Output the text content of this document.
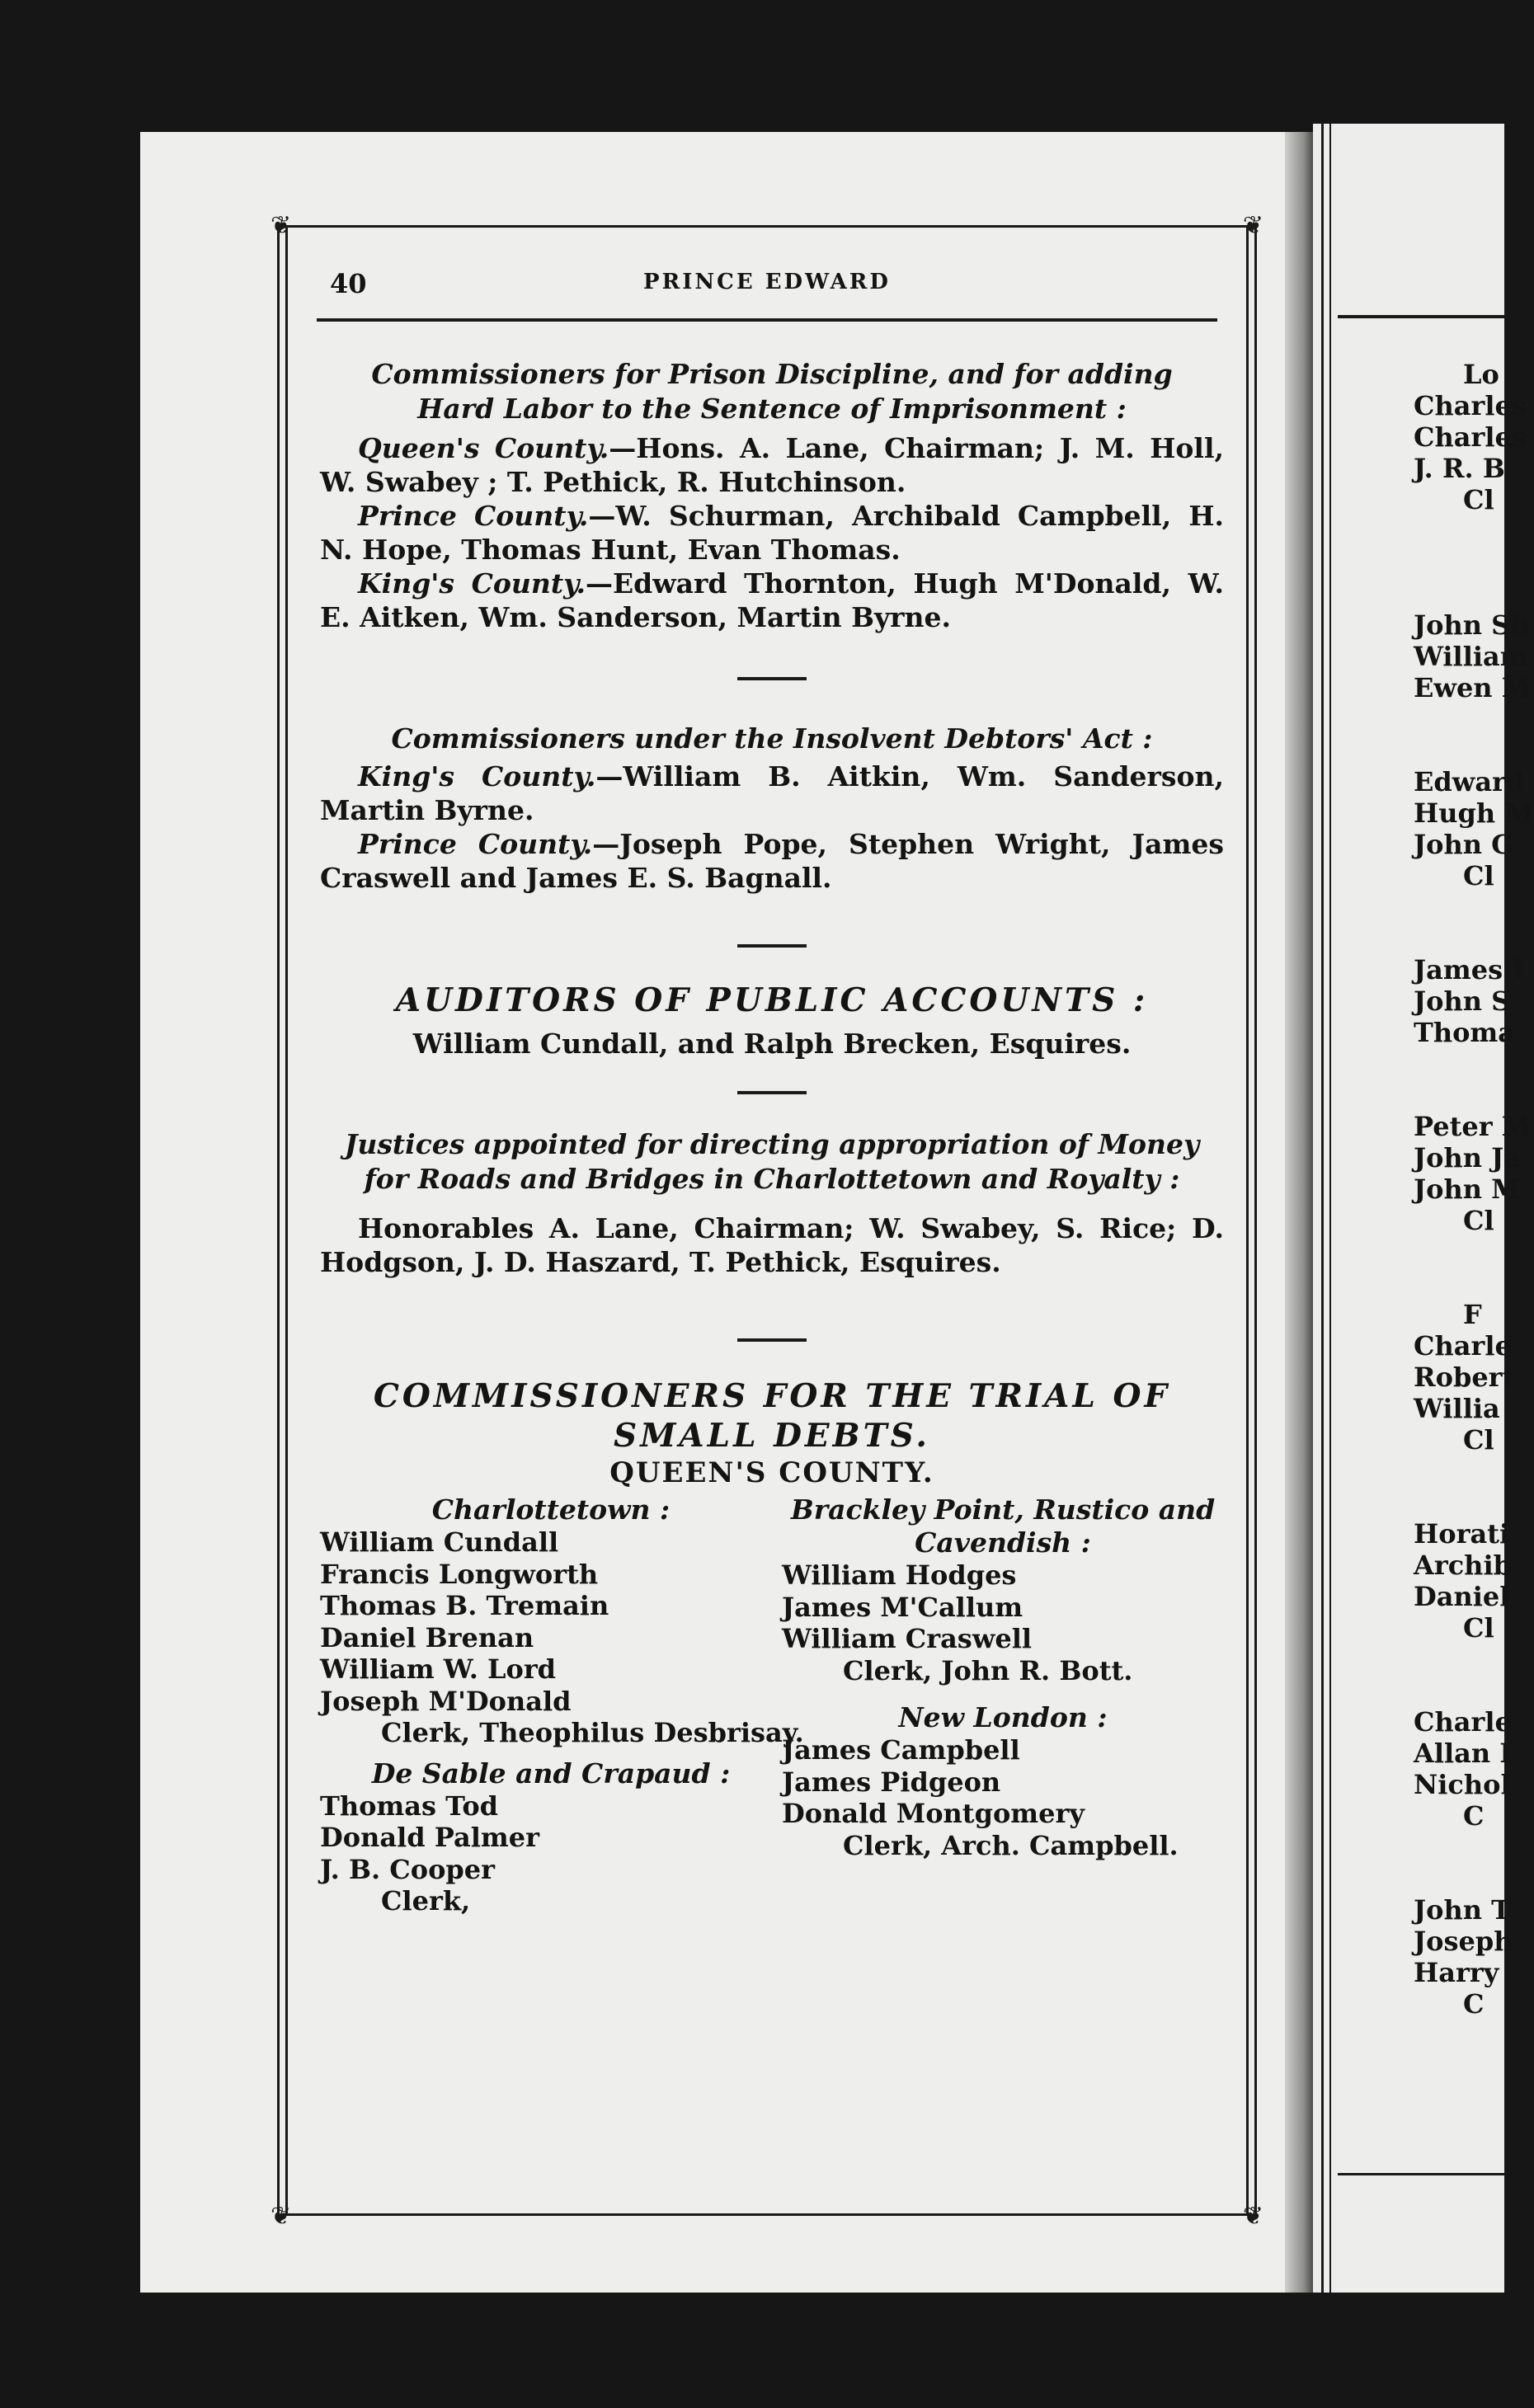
Lo
Charles
Charles
J. R. B
Cl

John Sh
William
Ewen M

Edward
Hugh M
John G
Cl

James I
John S
Thoma

Peter M
John Ja
John M
Cl

F
Charle
Robert
Willia
Cl

Horati
Archib
Daniel
Cl

Charle
Allan I
Nichol
C

John T
Joseph
Harry
C
❦	❦
❦	❦
40	PRINCE EDWARD
Commissioners for Prison Discipline, and for adding Hard Labor to the Sentence of Imprisonment :

Queen's County.—Hons. A. Lane, Chairman; J. M. Holl, W. Swabey ; T. Pethick, R. Hutchinson.

Prince County.—W. Schurman, Archibald Campbell, H. N. Hope, Thomas Hunt, Evan Thomas.

King's County.—Edward Thornton, Hugh M'Donald, W. E. Aitken, Wm. Sanderson, Martin Byrne.

Commissioners under the Insolvent Debtors' Act :

King's County.—William B. Aitkin, Wm. Sanderson, Martin Byrne.

Prince County.—Joseph Pope, Stephen Wright, James Craswell and James E. S. Bagnall.

AUDITORS OF PUBLIC ACCOUNTS :
William Cundall, and Ralph Brecken, Esquires.
Justices appointed for directing appropriation of Money for Roads and Bridges in Charlottetown and Royalty :

Honorables A. Lane, Chairman; W. Swabey, S. Rice; D. Hodgson, J. D. Haszard, T. Pethick, Esquires.

COMMISSIONERS FOR THE TRIAL OF SMALL DEBTS.
QUEEN'S COUNTY.
Charlottetown :
William Cundall
Francis Longworth
Thomas B. Tremain
Daniel Brenan
William W. Lord
Joseph M'Donald
Clerk, Theophilus Desbrisay.
De Sable and Crapaud :
Thomas Tod
Donald Palmer
J. B. Cooper
Clerk,
Brackley Point, Rustico and
Cavendish :
William Hodges
James M'Callum
William Craswell
Clerk, John R. Bott.
New London :
James Campbell
James Pidgeon
Donald Montgomery
Clerk, Arch. Campbell.
